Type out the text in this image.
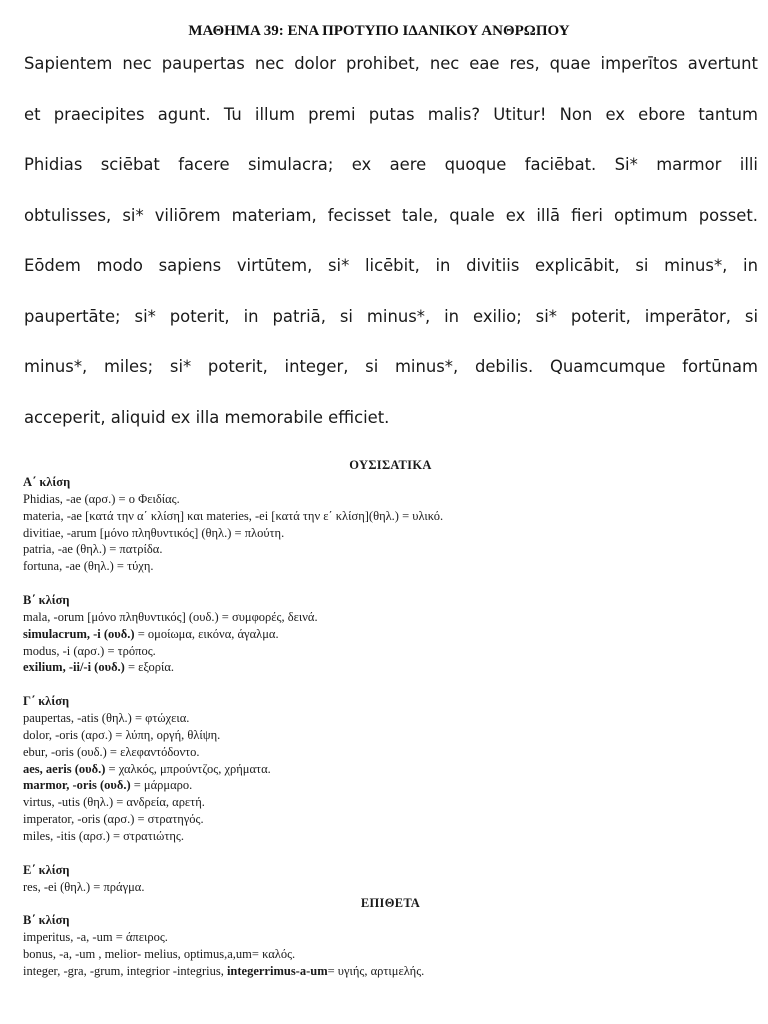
ΜΑΘΗΜΑ 39: ΕΝΑ ΠΡΟΤΥΠΟ ΙΔΑΝΙΚΟΥ ΑΝΘΡΩΠΟΥ
Sapientem nec paupertas nec dolor prohibet, nec eae res, quae imperītos avertunt
et praecipites agunt. Tu illum premi putas malis? Utitur! Non ex ebore tantum
Phidias sciēbat facere simulacra; ex aere quoque faciēbat. Si* marmor illi
obtulisses, si* viliōrem materiam, fecisset tale, quale ex illā fieri optimum posset.
Eōdem modo sapiens virtūtem, si* licēbit, in divitiis explicābit, si minus*, in
paupertāte; si* poterit, in patriā, si minus*, in exilio; si* poterit, imperātor, si
minus*, miles; si* poterit, integer, si minus*, debilis. Quamcumque fortūnam
acceperit, aliquid ex illa memorabile efficiet.
ΟΥΣΙΣΑΤΙΚΑ
Α΄ κλίση
Phidias, -ae (αρσ.) = ο Φειδίας.
materia, -ae [κατά την α΄ κλίση] και materies, -ei [κατά την ε΄ κλίση](θηλ.) = υλικό.
divitiae, -arum [μόνο πληθυντικός] (θηλ.) = πλούτη.
patria, -ae (θηλ.) = πατρίδα.
fortuna, -ae (θηλ.) = τύχη.
Β΄ κλίση
mala, -orum [μόνο πληθυντικός] (ουδ.) = συμφορές, δεινά.
simulacrum, -i (ουδ.) = ομοίωμα, εικόνα, άγαλμα.
modus, -i (αρσ.) = τρόπος.
exilium, -ii/-i (ουδ.) = εξορία.
Γ΄ κλίση
paupertas, -atis (θηλ.) = φτώχεια.
dolor, -oris (αρσ.) = λύπη, οργή, θλίψη.
ebur, -oris (ουδ.) = ελεφαντόδοντο.
aes, aeris (ουδ.) = χαλκός, μπρούντζος, χρήματα.
marmor, -oris (ουδ.) = μάρμαρο.
virtus, -utis (θηλ.) = ανδρεία, αρετή.
imperator, -oris (αρσ.) = στρατηγός.
miles, -itis (αρσ.) = στρατιώτης.
Ε΄ κλίση
res, -ei (θηλ.) = πράγμα.
ΕΠΙΘΕΤΑ
Β΄ κλίση
imperitus, -a, -um = άπειρος.
bonus, -a, -um , melior- melius, optimus,a,um= καλός.
integer, -gra, -grum, integrior -integrius, integerrimus-a-um= υγιής, αρτιμελής.
